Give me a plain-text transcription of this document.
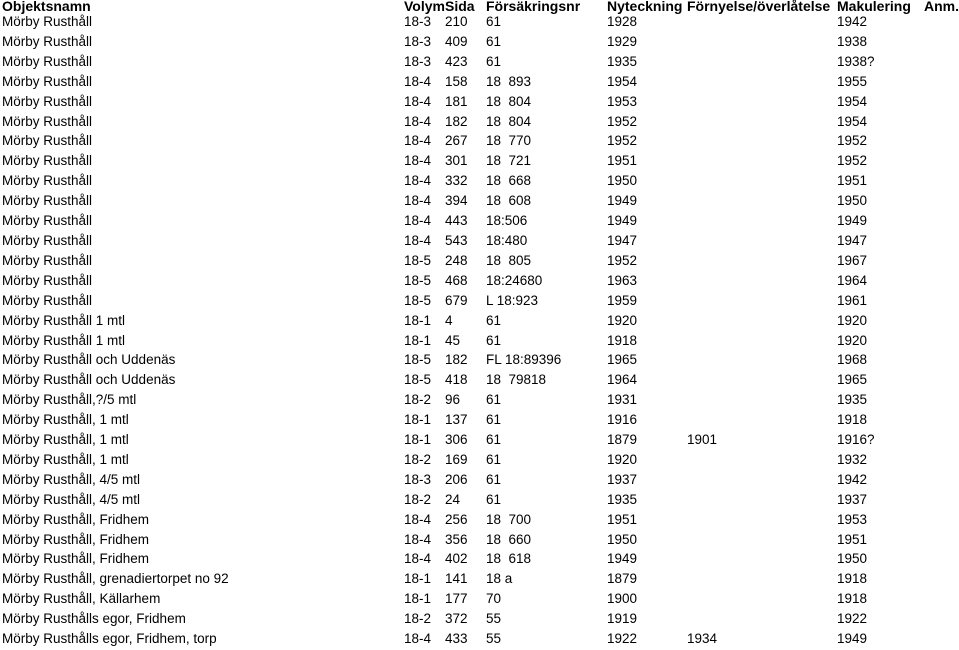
Objektsnamn	Volym	Sida	Försäkringsnr	Nyteckning	Förnyelse/överlåtelse	Makulering	Anm.
Mörby Rusthåll	18-3	210	61	1928		1942	
Mörby Rusthåll	18-3	409	61	1929		1938	
Mörby Rusthåll	18-3	423	61	1935		1938?	
Mörby Rusthåll	18-4	158	18  893	1954		1955	
Mörby Rusthåll	18-4	181	18  804	1953		1954	
Mörby Rusthåll	18-4	182	18  804	1952		1954	
Mörby Rusthåll	18-4	267	18  770	1952		1952	
Mörby Rusthåll	18-4	301	18  721	1951		1952	
Mörby Rusthåll	18-4	332	18  668	1950		1951	
Mörby Rusthåll	18-4	394	18  608	1949		1950	
Mörby Rusthåll	18-4	443	18:506	1949		1949	
Mörby Rusthåll	18-4	543	18:480	1947		1947	
Mörby Rusthåll	18-5	248	18  805	1952		1967	
Mörby Rusthåll	18-5	468	18:24680	1963		1964	
Mörby Rusthåll	18-5	679	L 18:923	1959		1961	
Mörby Rusthåll 1 mtl	18-1	4	61	1920		1920	
Mörby Rusthåll 1 mtl	18-1	45	61	1918		1920	
Mörby Rusthåll och Uddenäs	18-5	182	FL 18:89396	1965		1968	
Mörby Rusthåll och Uddenäs	18-5	418	18  79818	1964		1965	
Mörby Rusthåll,?/5 mtl	18-2	96	61	1931		1935	
Mörby Rusthåll, 1 mtl	18-1	137	61	1916		1918	
Mörby Rusthåll, 1 mtl	18-1	306	61	1879	1901	1916?	
Mörby Rusthåll, 1 mtl	18-2	169	61	1920		1932	
Mörby Rusthåll, 4/5 mtl	18-3	206	61	1937		1942	
Mörby Rusthåll, 4/5 mtl	18-2	24	61	1935		1937	
Mörby Rusthåll, Fridhem	18-4	256	18  700	1951		1953	
Mörby Rusthåll, Fridhem	18-4	356	18  660	1950		1951	
Mörby Rusthåll, Fridhem	18-4	402	18  618	1949		1950	
Mörby Rusthåll, grenadiertorpet no 92	18-1	141	18 a	1879		1918	
Mörby Rusthåll, Källarhem	18-1	177	70	1900		1918	
Mörby Rusthålls egor, Fridhem	18-2	372	55	1919		1922	
Mörby Rusthålls egor, Fridhem, torp	18-4	433	55	1922	1934	1949	
